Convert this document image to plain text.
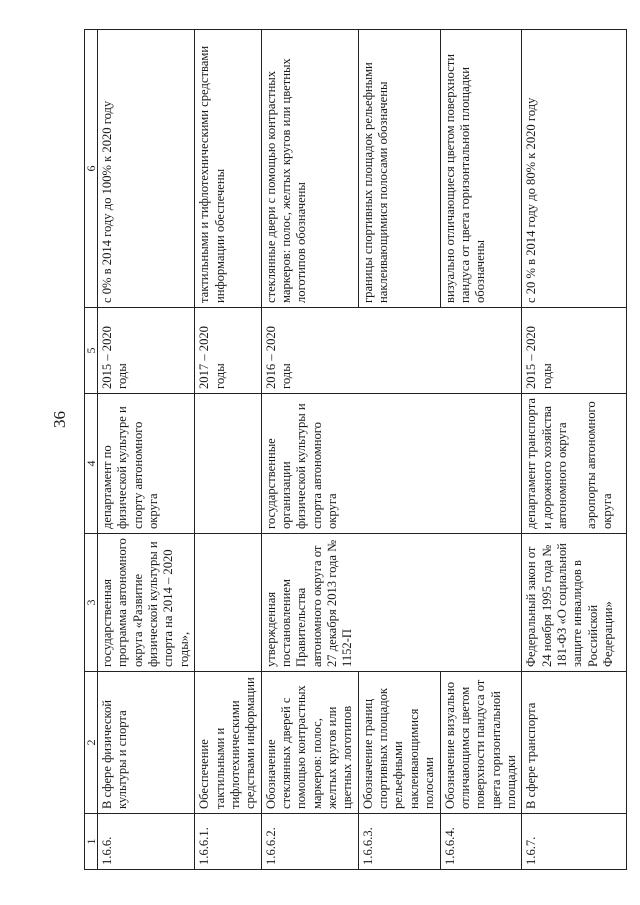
36
1	2	3	4	5	6
1.6.6.	В сфере физической культуры и спорта	государственная программа автономного округа «Развитие физической культуры и спорта на 2014 – 2020 годы»,	департамент по физической культуре и спорту автономного округа	2015 – 2020 годы	с 0% в 2014 году до 100% к 2020 году
1.6.6.1.	Обеспечение тактильными и тифлотехническими средствами информации			2017 – 2020 годы	тактильными и тифлотехническими средствами информации обеспечены
1.6.6.2.	Обозначение стеклянных дверей с помощью контрастных маркеров: полос, желтых кругов или цветных логотипов	утвержденная постановлением Правительства автономного округа от 27 декабря 2013 года № 1152-П	государственные организации физической культуры и спорта автономного округа	2016 – 2020 годы	стеклянные двери с помощью контрастных маркеров: полос, желтых кругов или цветных логотипов обозначены
1.6.6.3.	Обозначение границ спортивных площадок рельефными наклеивающимися полосами				границы спортивных площадок рельефными наклеивающимися полосами обозначены
1.6.6.4.	Обозначение визуально отличающимся цветом поверхности пандуса от цвета горизонтальной площадки				визуально отличающиеся цветом поверхности пандуса от цвета горизонтальной площадки обозначены
1.6.7.	В сфере транспорта	Федеральный закон от 24 ноября 1995 года № 181-ФЗ «О социальной защите инвалидов в Российской Федерации»	департамент транспорта и дорожного хозяйства автономного округа аэропорты автономного округа	2015 – 2020 годы	с 20 % в 2014 году до 80% к 2020 году
